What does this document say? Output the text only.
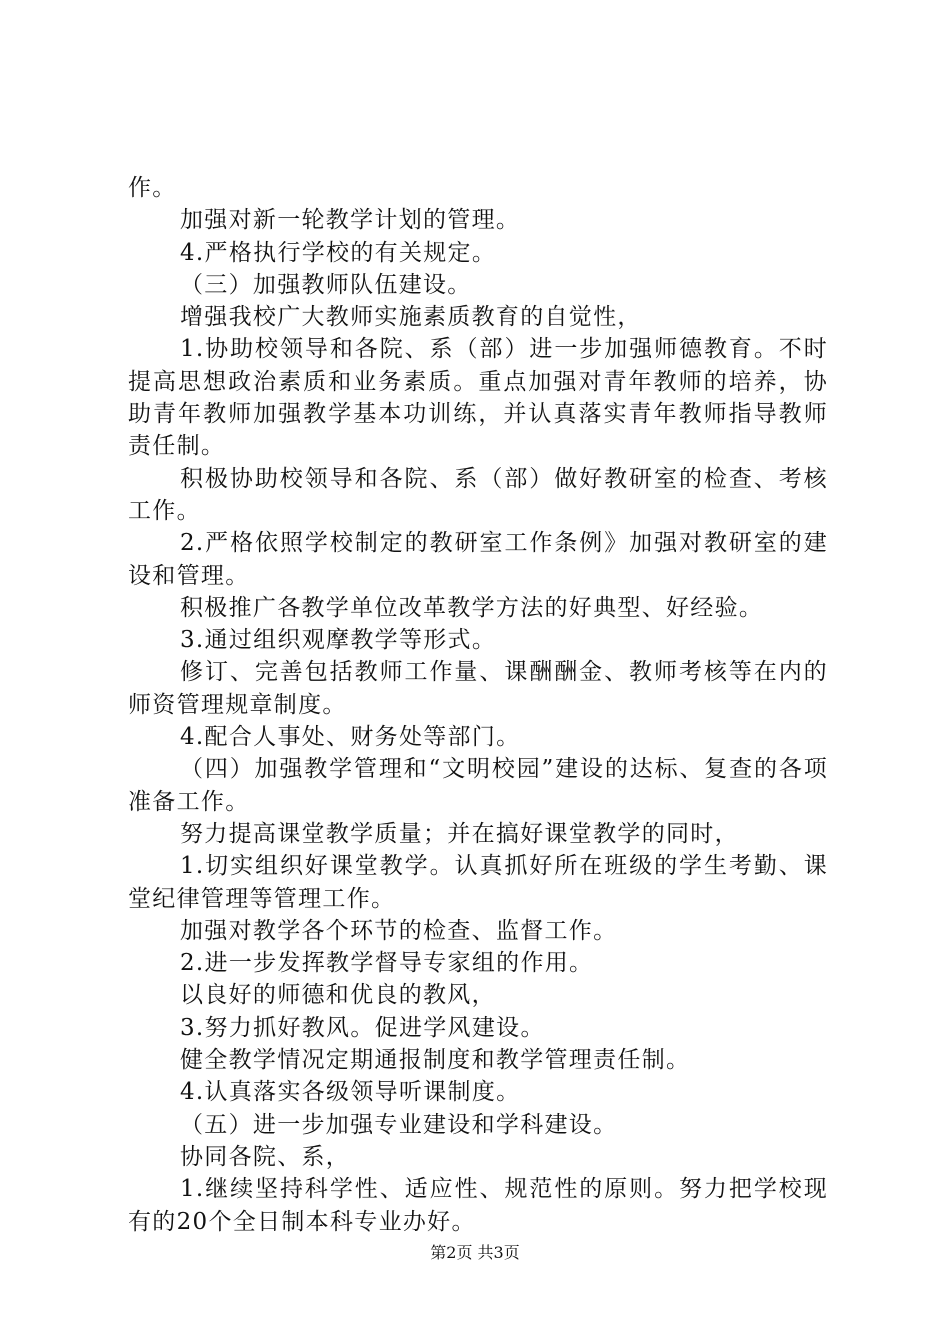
作。

加强对新一轮教学计划的管理。

4.严格执行学校的有关规定。

（三）加强教师队伍建设。

增强我校广大教师实施素质教育的自觉性，

1.协助校领导和各院、系（部）进一步加强师德教育。不时提高思想政治素质和业务素质。重点加强对青年教师的培养，协助青年教师加强教学基本功训练，并认真落实青年教师指导教师责任制。

积极协助校领导和各院、系（部）做好教研室的检查、考核工作。

2.严格依照学校制定的教研室工作条例》加强对教研室的建设和管理。

积极推广各教学单位改革教学方法的好典型、好经验。

3.通过组织观摩教学等形式。

修订、完善包括教师工作量、课酬酬金、教师考核等在内的师资管理规章制度。

4.配合人事处、财务处等部门。

（四）加强教学管理和“文明校园”建设的达标、复查的各项准备工作。

努力提高课堂教学质量；并在搞好课堂教学的同时，

1.切实组织好课堂教学。认真抓好所在班级的学生考勤、课堂纪律管理等管理工作。

加强对教学各个环节的检查、监督工作。

2.进一步发挥教学督导专家组的作用。

以良好的师德和优良的教风，

3.努力抓好教风。促进学风建设。

健全教学情况定期通报制度和教学管理责任制。

4.认真落实各级领导听课制度。

（五）进一步加强专业建设和学科建设。

协同各院、系，

1.继续坚持科学性、适应性、规范性的原则。努力把学校现有的20个全日制本科专业办好。

第2页 共3页
